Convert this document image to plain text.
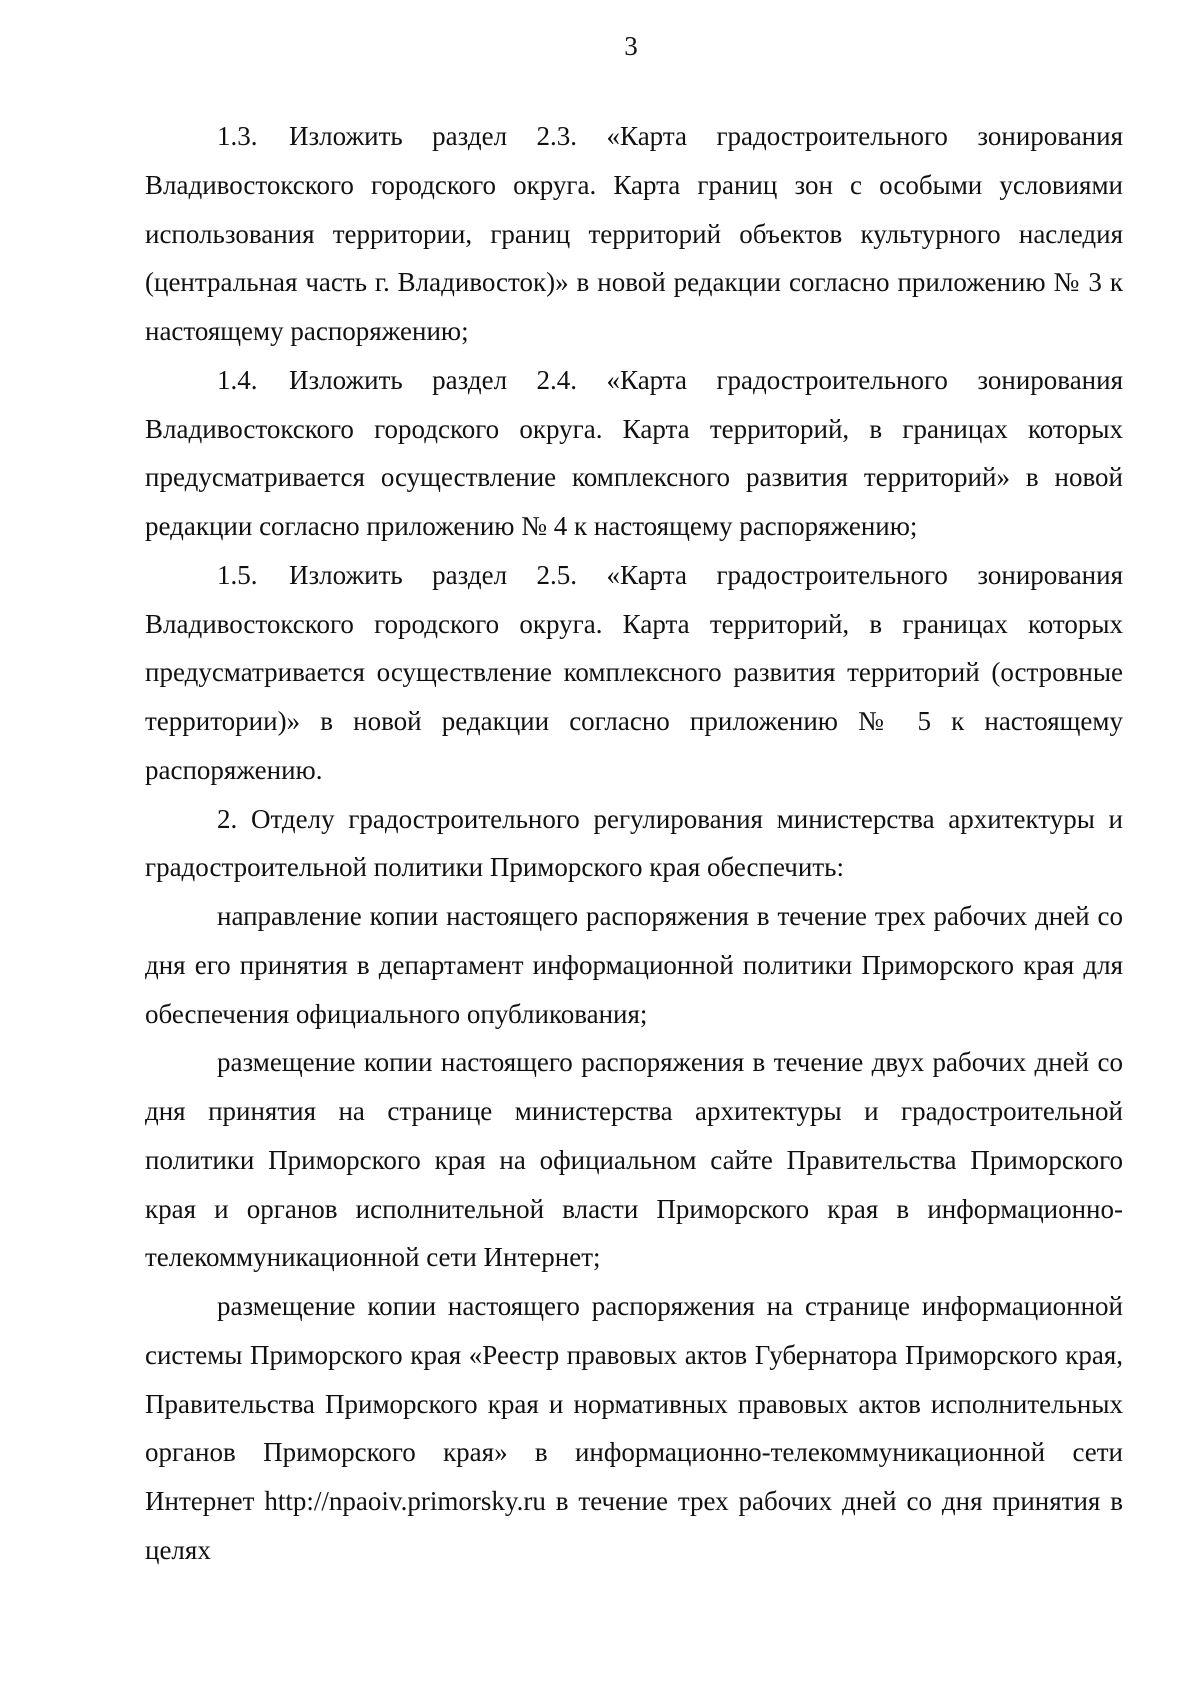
3

1.3. Изложить раздел 2.3. «Карта градостроительного зонирования Владивостокского городского округа. Карта границ зон с особыми условиями использования территории, границ территорий объектов культурного наследия (центральная часть г. Владивосток)» в новой редакции согласно приложению № 3 к настоящему распоряжению;

1.4. Изложить раздел 2.4. «Карта градостроительного зонирования Владивостокского городского округа. Карта территорий, в границах которых предусматривается осуществление комплексного развития территорий» в новой редакции согласно приложению № 4 к настоящему распоряжению;

1.5. Изложить раздел 2.5. «Карта градостроительного зонирования Владивостокского городского округа. Карта территорий, в границах которых предусматривается осуществление комплексного развития территорий (островные территории)» в новой редакции согласно приложению № 5 к настоящему распоряжению.

2. Отделу градостроительного регулирования министерства архитектуры и градостроительной политики Приморского края обеспечить:

направление копии настоящего распоряжения в течение трех рабочих дней со дня его принятия в департамент информационной политики Приморского края для обеспечения официального опубликования;

размещение копии настоящего распоряжения в течение двух рабочих дней со дня принятия на странице министерства архитектуры и градостроительной политики Приморского края на официальном сайте Правительства Приморского края и органов исполнительной власти Приморского края в информационно-телекоммуникационной сети Интернет;

размещение копии настоящего распоряжения на странице информационной системы Приморского края «Реестр правовых актов Губернатора Приморского края, Правительства Приморского края и нормативных правовых актов исполнительных органов Приморского края» в информационно-телекоммуникационной сети Интернет http://npaoiv.primorsky.ru в течение трех рабочих дней со дня принятия в целях
